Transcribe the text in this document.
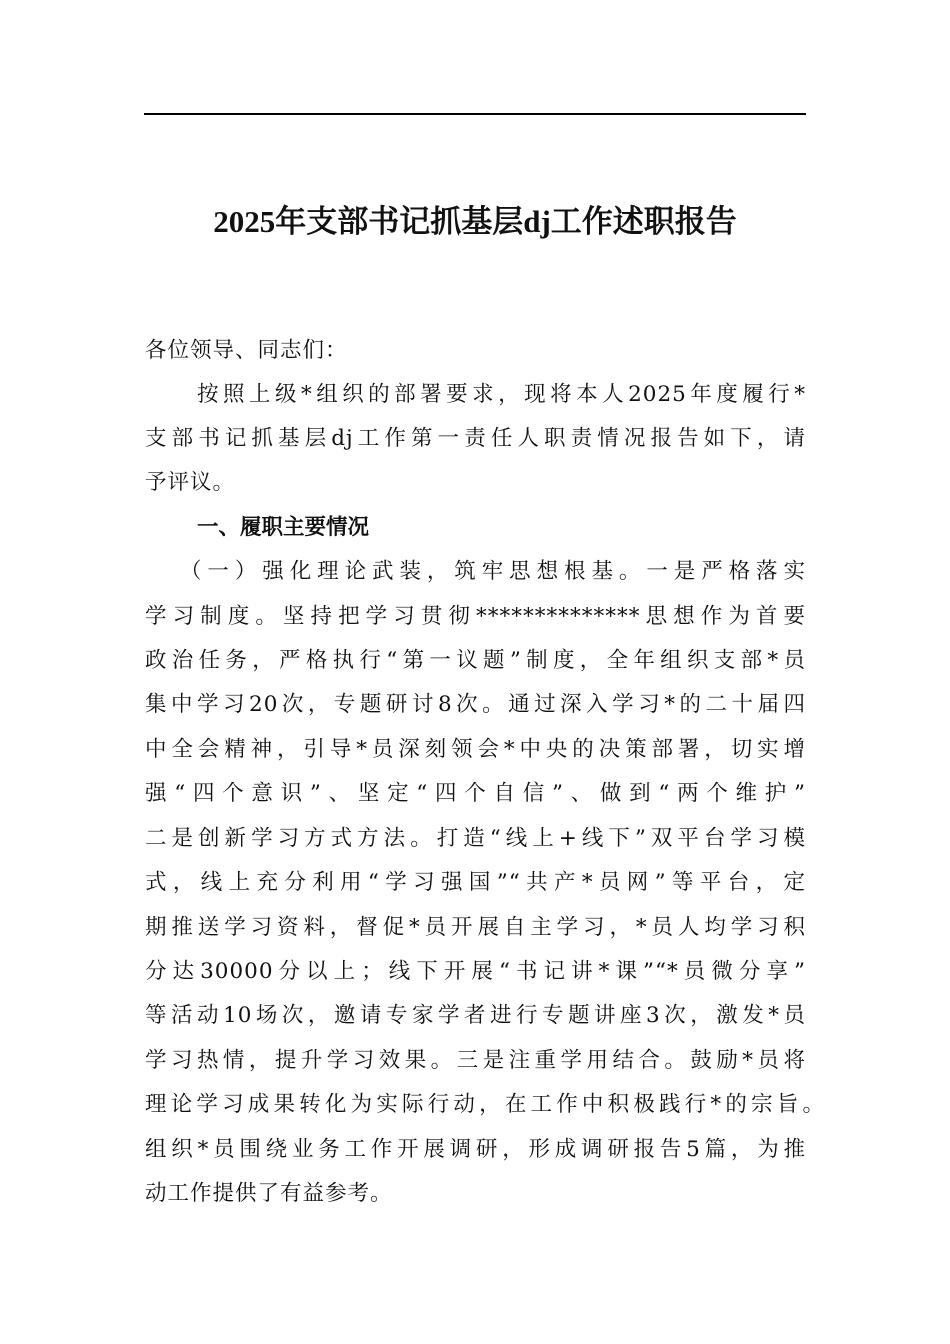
2025年支部书记抓基层dj工作述职报告
各位领导、同志们：
按照上级*组织的部署要求，现将本人2025年度履行*
支部书记抓基层dj工作第一责任人职责情况报告如下，请
予评议。
一、履职主要情况
（一）强化理论武装，筑牢思想根基。一是严格落实
学习制度。坚持把学习贯彻**************思想作为首要
政治任务，严格执行“第一议题”制度，全年组织支部*员
集中学习20次，专题研讨8次。通过深入学习*的二十届四
中全会精神，引导*员深刻领会*中央的决策部署，切实增
强“四个意识”、坚定“四个自信”、做到“两个维护”
二是创新学习方式方法。打造“线上+线下”双平台学习模
式，线上充分利用“学习强国”“共产*员网”等平台，定
期推送学习资料，督促*员开展自主学习，*员人均学习积
分达30000分以上；线下开展“书记讲*课”“*员微分享”
等活动10场次，邀请专家学者进行专题讲座3次，激发*员
学习热情，提升学习效果。三是注重学用结合。鼓励*员将
理论学习成果转化为实际行动，在工作中积极践行*的宗旨。
组织*员围绕业务工作开展调研，形成调研报告5篇，为推
动工作提供了有益参考。
